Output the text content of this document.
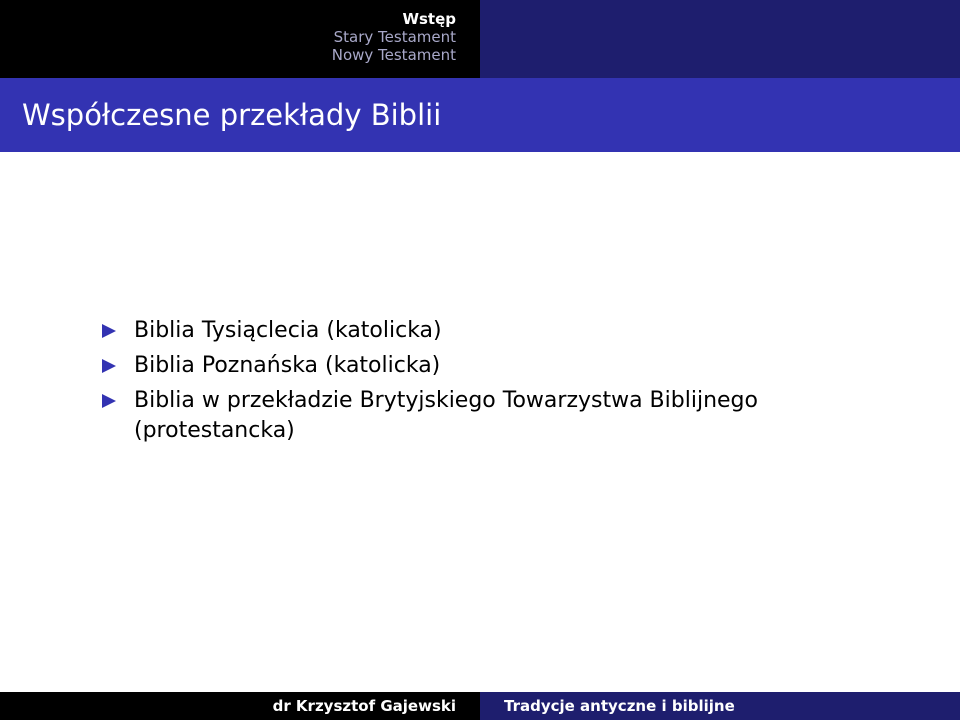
Wstęp
Stary Testament
Nowy Testament
Współczesne przekłady Biblii
Biblia Tysiąclecia (katolicka)
Biblia Poznańska (katolicka)
Biblia w przekładzie Brytyjskiego Towarzystwa Biblijnego (protestancka)
dr Krzysztof Gajewski	Tradycje antyczne i biblijne
